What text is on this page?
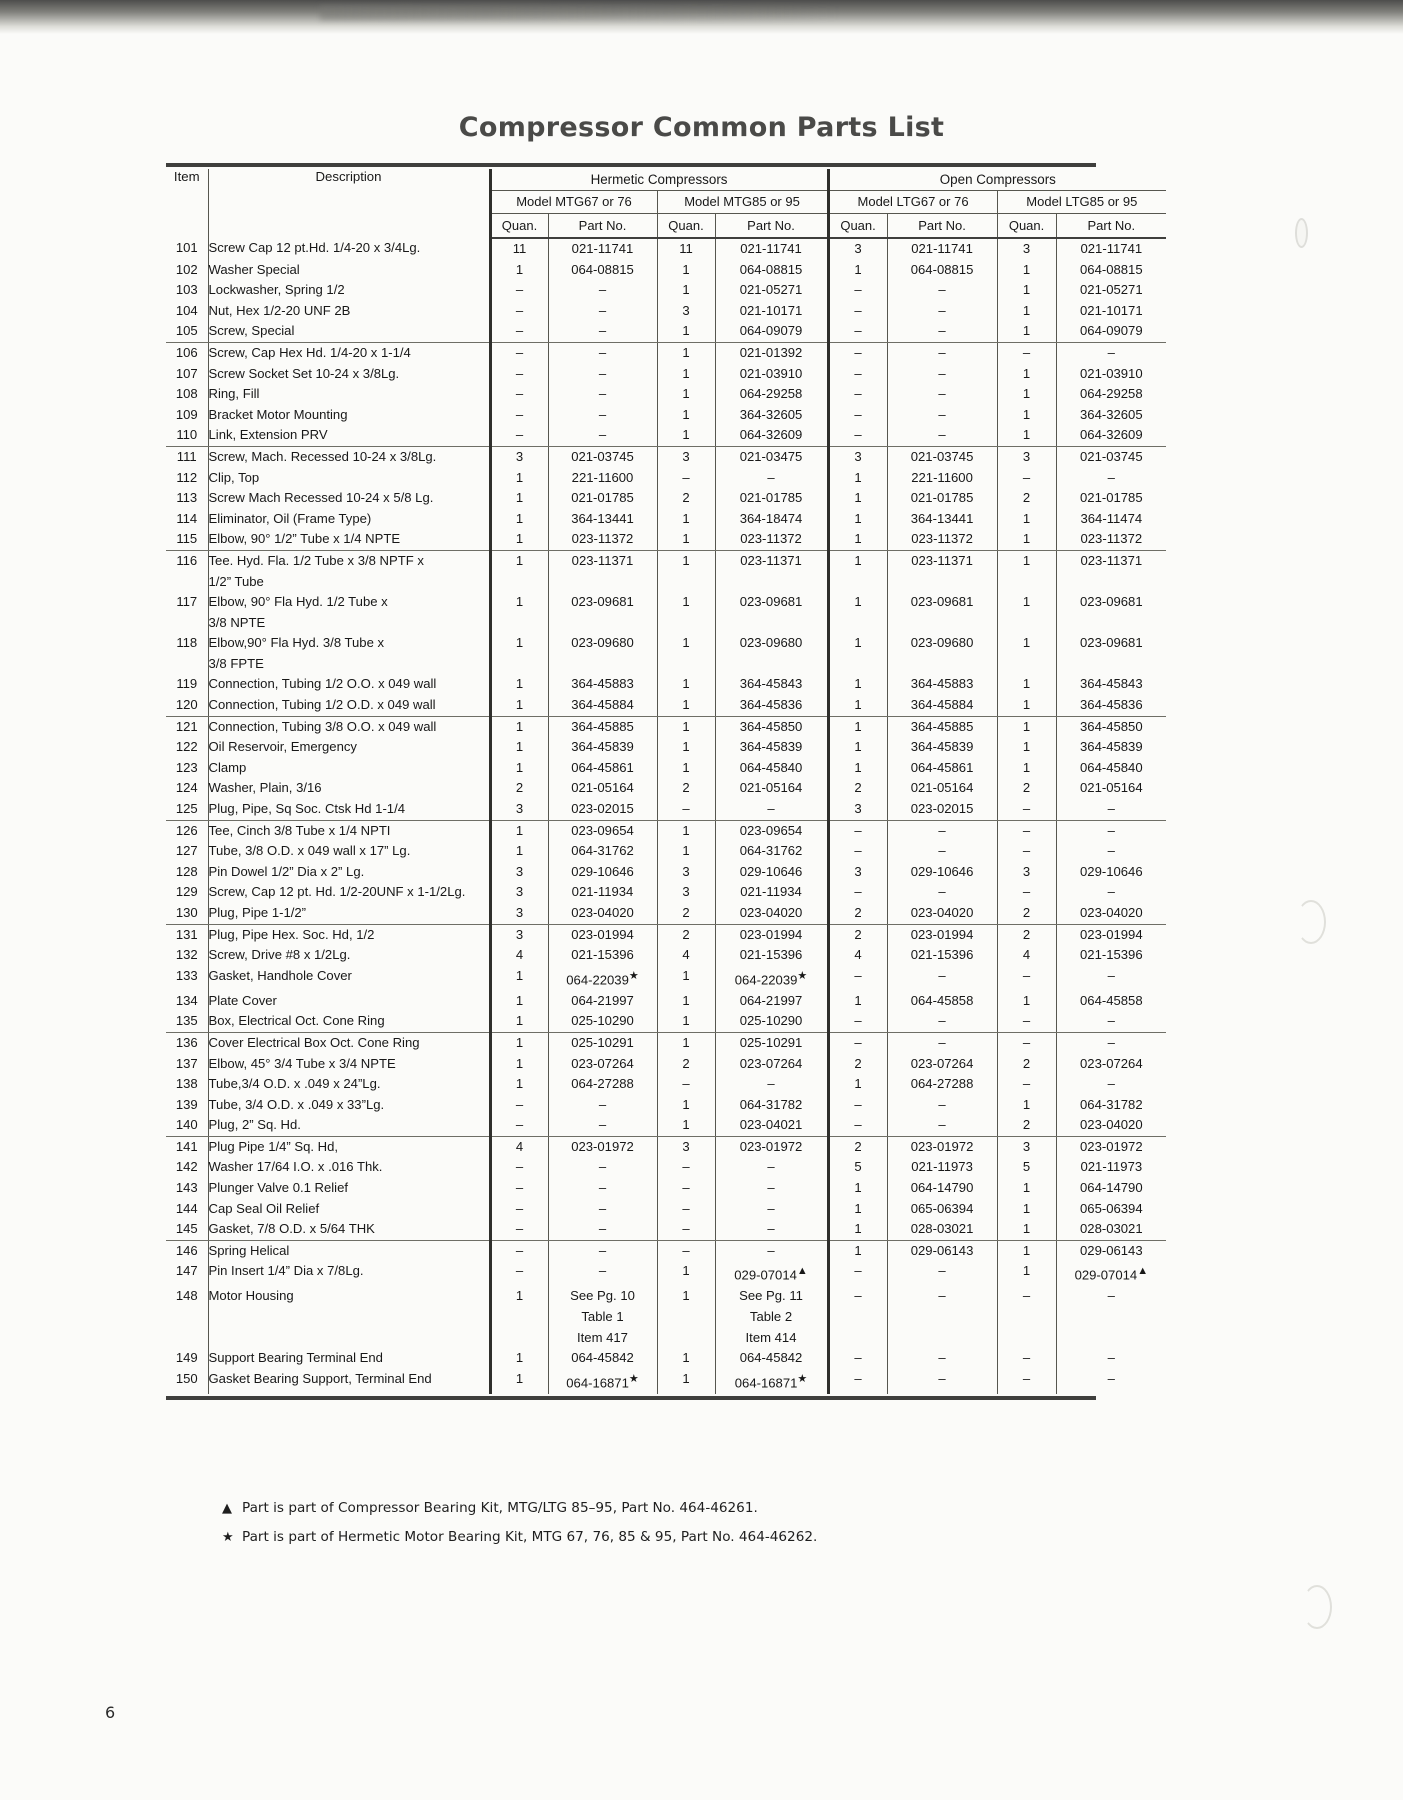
Compressor Common Parts List
Item	Description	Hermetic Compressors				Open Compressors			
		Model MTG67 or 76		Model MTG85 or 95		Model LTG67 or 76		Model LTG85 or 95	
		Quan.	Part No.	Quan.	Part No.	Quan.	Part No.	Quan.	Part No.
101	Screw Cap 12 pt.Hd. 1/4-20 x 3/4Lg.	11	021-11741	11	021-11741	3	021-11741	3	021-11741
102	Washer Special	1	064-08815	1	064-08815	1	064-08815	1	064-08815
103	Lockwasher, Spring 1/2	–	–	1	021-05271	–	–	1	021-05271
104	Nut, Hex 1/2-20 UNF 2B	–	–	3	021-10171	–	–	1	021-10171
105	Screw, Special	–	–	1	064-09079	–	–	1	064-09079
106	Screw, Cap Hex Hd. 1/4-20 x 1-1/4	–	–	1	021-01392	–	–	–	–
107	Screw Socket Set 10-24 x 3/8Lg.	–	–	1	021-03910	–	–	1	021-03910
108	Ring, Fill	–	–	1	064-29258	–	–	1	064-29258
109	Bracket Motor Mounting	–	–	1	364-32605	–	–	1	364-32605
110	Link, Extension PRV	–	–	1	064-32609	–	–	1	064-32609
111	Screw, Mach. Recessed 10-24 x 3/8Lg.	3	021-03745	3	021-03475	3	021-03745	3	021-03745
112	Clip, Top	1	221-11600	–	–	1	221-11600	–	–
113	Screw Mach Recessed 10-24 x 5/8 Lg.	1	021-01785	2	021-01785	1	021-01785	2	021-01785
114	Eliminator, Oil (Frame Type)	1	364-13441	1	364-18474	1	364-13441	1	364-11474
115	Elbow, 90° 1/2” Tube x 1/4 NPTE	1	023-11372	1	023-11372	1	023-11372	1	023-11372
116	Tee. Hyd. Fla. 1/2 Tube x 3/8 NPTF x	1	023-11371	1	023-11371	1	023-11371	1	023-11371
	1/2” Tube								
117	Elbow, 90° Fla Hyd. 1/2 Tube x	1	023-09681	1	023-09681	1	023-09681	1	023-09681
	3/8 NPTE								
118	Elbow,90° Fla Hyd. 3/8 Tube x	1	023-09680	1	023-09680	1	023-09680	1	023-09681
	3/8 FPTE								
119	Connection, Tubing 1/2 O.O. x 049 wall	1	364-45883	1	364-45843	1	364-45883	1	364-45843
120	Connection, Tubing 1/2 O.D. x 049 wall	1	364-45884	1	364-45836	1	364-45884	1	364-45836
121	Connection, Tubing 3/8 O.O. x 049 wall	1	364-45885	1	364-45850	1	364-45885	1	364-45850
122	Oil Reservoir, Emergency	1	364-45839	1	364-45839	1	364-45839	1	364-45839
123	Clamp	1	064-45861	1	064-45840	1	064-45861	1	064-45840
124	Washer, Plain, 3/16	2	021-05164	2	021-05164	2	021-05164	2	021-05164
125	Plug, Pipe, Sq Soc. Ctsk Hd 1-1/4	3	023-02015	–	–	3	023-02015	–	–
126	Tee, Cinch 3/8 Tube x 1/4 NPTI	1	023-09654	1	023-09654	–	–	–	–
127	Tube, 3/8 O.D. x 049 wall x 17” Lg.	1	064-31762	1	064-31762	–	–	–	–
128	Pin Dowel 1/2” Dia x 2” Lg.	3	029-10646	3	029-10646	3	029-10646	3	029-10646
129	Screw, Cap 12 pt. Hd. 1/2-20UNF x 1-1/2Lg.	3	021-11934	3	021-11934	–	–	–	–
130	Plug, Pipe 1-1/2”	3	023-04020	2	023-04020	2	023-04020	2	023-04020
131	Plug, Pipe Hex. Soc. Hd, 1/2	3	023-01994	2	023-01994	2	023-01994	2	023-01994
132	Screw, Drive #8 x 1/2Lg.	4	021-15396	4	021-15396	4	021-15396	4	021-15396
133	Gasket, Handhole Cover	1	064-22039★	1	064-22039★	–	–	–	–
134	Plate Cover	1	064-21997	1	064-21997	1	064-45858	1	064-45858
135	Box, Electrical Oct. Cone Ring	1	025-10290	1	025-10290	–	–	–	–
136	Cover Electrical Box Oct. Cone Ring	1	025-10291	1	025-10291	–	–	–	–
137	Elbow, 45° 3/4 Tube x 3/4 NPTE	1	023-07264	2	023-07264	2	023-07264	2	023-07264
138	Tube,3/4 O.D. x .049 x 24”Lg.	1	064-27288	–	–	1	064-27288	–	–
139	Tube, 3/4 O.D. x .049 x 33”Lg.	–	–	1	064-31782	–	–	1	064-31782
140	Plug, 2” Sq. Hd.	–	–	1	023-04021	–	–	2	023-04020
141	Plug Pipe 1/4” Sq. Hd,	4	023-01972	3	023-01972	2	023-01972	3	023-01972
142	Washer 17/64 I.O. x .016 Thk.	–	–	–	–	5	021-11973	5	021-11973
143	Plunger Valve 0.1 Relief	–	–	–	–	1	064-14790	1	064-14790
144	Cap Seal Oil Relief	–	–	–	–	1	065-06394	1	065-06394
145	Gasket, 7/8 O.D. x 5/64 THK	–	–	–	–	1	028-03021	1	028-03021
146	Spring Helical	–	–	–	–	1	029-06143	1	029-06143
147	Pin Insert 1/4” Dia x 7/8Lg.	–	–	1	029-07014▲	–	–	1	029-07014▲
148	Motor Housing	1	See Pg. 10	1	See Pg. 11	–	–	–	–
			Table 1		Table 2				
			Item 417		Item 414				
149	Support Bearing Terminal End	1	064-45842	1	064-45842	–	–	–	–
150	Gasket Bearing Support, Terminal End	1	064-16871★	1	064-16871★	–	–	–	–
▲ Part is part of Compressor Bearing Kit, MTG/LTG 85–95, Part No. 464-46261.
★ Part is part of Hermetic Motor Bearing Kit, MTG 67, 76, 85 & 95, Part No. 464-46262.
6
